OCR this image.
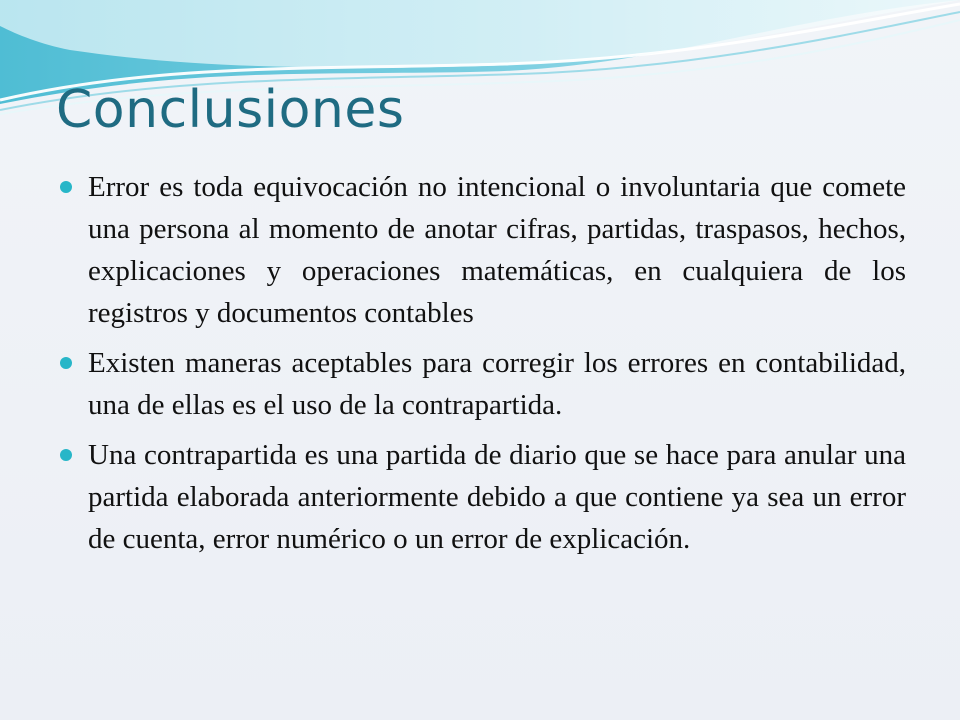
Conclusiones
Error es toda equivocación no intencional o involuntaria que comete una persona al momento de anotar cifras, partidas, traspasos, hechos, explicaciones y operaciones matemáticas, en cualquiera de los registros y documentos contables
Existen maneras aceptables para corregir los errores en contabilidad, una de ellas es el uso de la contrapartida.
Una contrapartida es una partida de diario que se hace para anular una partida elaborada anteriormente debido a que contiene ya sea un error de cuenta, error numérico o un error de explicación.
